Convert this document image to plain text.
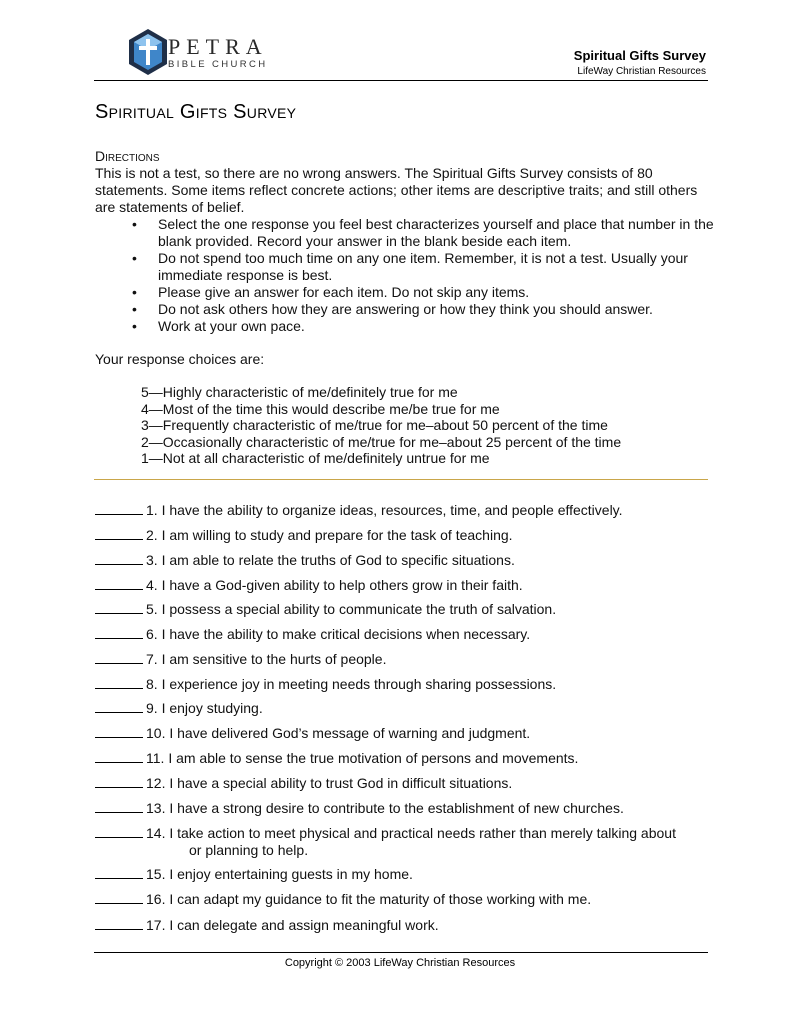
PETRA
BIBLE CHURCH
Spiritual Gifts Survey
LifeWay Christian Resources
Spiritual Gifts Survey
Directions
This is not a test, so there are no wrong answers. The Spiritual Gifts Survey consists of 80 statements. Some items reflect concrete actions; other items are descriptive traits; and still others are statements of belief.
• Select the one response you feel best characterizes yourself and place that number in the blank provided. Record your answer in the blank beside each item.
• Do not spend too much time on any one item. Remember, it is not a test. Usually your immediate response is best.
• Please give an answer for each item. Do not skip any items.
• Do not ask others how they are answering or how they think you should answer.
• Work at your own pace.
Your response choices are:
5—Highly characteristic of me/definitely true for me
4—Most of the time this would describe me/be true for me
3—Frequently characteristic of me/true for me–about 50 percent of the time
2—Occasionally characteristic of me/true for me–about 25 percent of the time
1—Not at all characteristic of me/definitely untrue for me
1. I have the ability to organize ideas, resources, time, and people effectively.
2. I am willing to study and prepare for the task of teaching.
3. I am able to relate the truths of God to specific situations.
4. I have a God-given ability to help others grow in their faith.
5. I possess a special ability to communicate the truth of salvation.
6. I have the ability to make critical decisions when necessary.
7. I am sensitive to the hurts of people.
8. I experience joy in meeting needs through sharing possessions.
9. I enjoy studying.
10. I have delivered God’s message of warning and judgment.
11. I am able to sense the true motivation of persons and movements.
12. I have a special ability to trust God in difficult situations.
13. I have a strong desire to contribute to the establishment of new churches.
14. I take action to meet physical and practical needs rather than merely talking about
or planning to help.
15. I enjoy entertaining guests in my home.
16. I can adapt my guidance to fit the maturity of those working with me.
17. I can delegate and assign meaningful work.
Copyright © 2003 LifeWay Christian Resources
